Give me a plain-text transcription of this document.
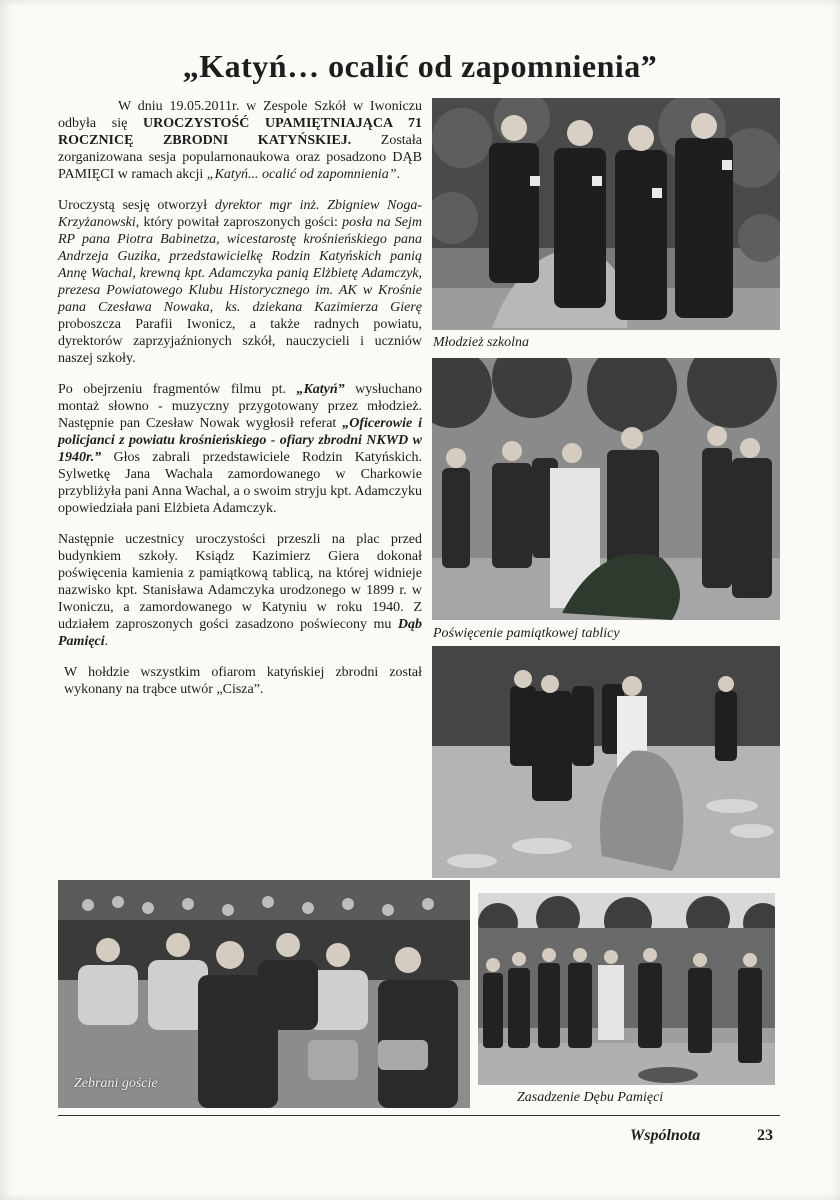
„Katyń… ocalić od zapomnienia”

W dniu 19.05.2011r. w Zespole Szkół w Iwoniczu odbyła się UROCZYSTOŚĆ UPAMIĘTNIAJĄCA 71 ROCZNICĘ ZBRODNI KATYŃSKIEJ. Została zorganizowana sesja popularnonaukowa oraz posadzono DĄB PAMIĘCI w ramach akcji „Katyń... ocalić od zapomnienia”.

Uroczystą sesję otworzył dyrektor mgr inż. Zbigniew Noga-Krzyżanowski, który powitał zaproszonych gości: posła na Sejm RP pana Piotra Babinetza, wicestarostę krośnieńskiego pana Andrzeja Guzika, przedstawicielkę Rodzin Katyńskich panią Annę Wachal, krewną kpt. Adamczyka panią Elżbietę Adamczyk, prezesa Powiatowego Klubu Historycznego im. AK w Krośnie pana Czesława Nowaka, ks. dziekana Kazimierza Gierę proboszcza Parafii Iwonicz, a także radnych powiatu, dyrektorów zaprzyjaźnionych szkół, nauczycieli i uczniów naszej szkoły.

Po obejrzeniu fragmentów filmu pt. „Katyń” wysłuchano montaż słowno - muzyczny przygotowany przez młodzież. Następnie pan Czesław Nowak wygłosił referat „Oficerowie i policjanci z powiatu krośnieńskiego - ofiary zbrodni NKWD w 1940r.” Głos zabrali przedstawiciele Rodzin Katyńskich. Sylwetkę Jana Wachala zamordowanego w Charkowie przybliżyła pani Anna Wachal, a o swoim stryju kpt. Adamczyku opowiedziała pani Elżbieta Adamczyk.

Następnie uczestnicy uroczystości przeszli na plac przed budynkiem szkoły. Ksiądz Kazimierz Giera dokonał poświęcenia kamienia z pamiątkową tablicą, na której widnieje nazwisko kpt. Stanisława Adamczyka urodzonego w 1899 r. w Iwoniczu, a zamordowanego w Katyniu w roku 1940. Z udziałem zaproszonych gości zasadzono poświecony mu Dąb Pamięci.

W hołdzie wszystkim ofiarom katyńskiej zbrodni został wykonany na trąbce utwór „Cisza”.

Młodzież szkolna
Poświęcenie pamiątkowej tablicy
Zebrani goście
Zasadzenie Dębu Pamięci
Wspólnota	23
